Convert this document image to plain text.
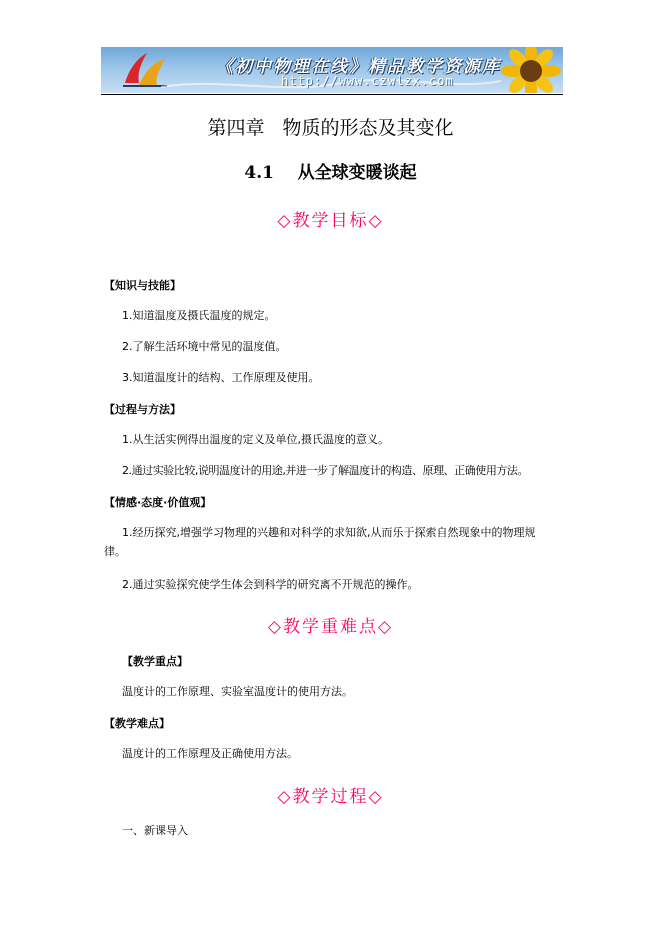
《初中物理在线》精品教学资源库
http://www.czwlzx.com
第四章   物质的形态及其变化
4.1    从全球变暖谈起
◇教学目标◇
【知识与技能】
1.知道温度及摄氏温度的规定。
2.了解生活环境中常见的温度值。
3.知道温度计的结构、工作原理及使用。
【过程与方法】
1.从生活实例得出温度的定义及单位,摄氏温度的意义。
2.通过实验比较,说明温度计的用途,并进一步了解温度计的构造、原理、正确使用方法。
【情感·态度·价值观】
1.经历探究,增强学习物理的兴趣和对科学的求知欲,从而乐于探索自然现象中的物理规律。
2.通过实验探究使学生体会到科学的研究离不开规范的操作。
◇教学重难点◇
【教学重点】
温度计的工作原理、实验室温度计的使用方法。
【教学难点】
温度计的工作原理及正确使用方法。
◇教学过程◇
一、新课导入
